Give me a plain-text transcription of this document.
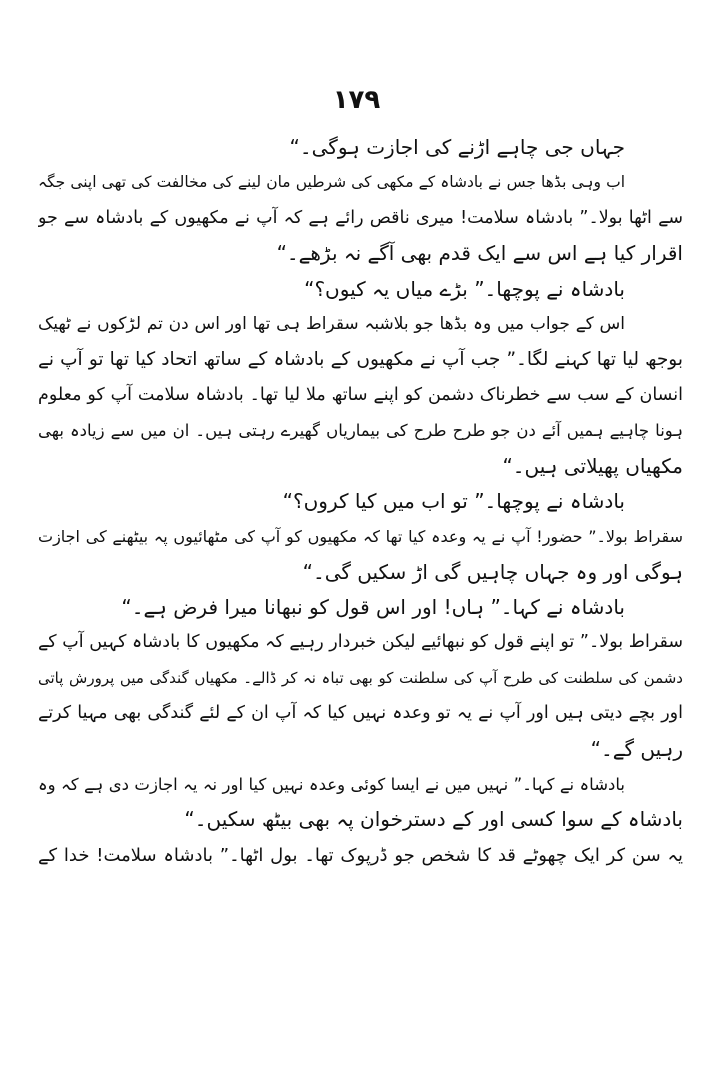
۱۷۹
جہاں جی چاہے اڑنے کی اجازت ہوگی۔“
اب وہی بڈھا جس نے بادشاہ کے مکھی کی شرطیں مان لینے کی مخالفت کی تھی اپنی جگہ
سے اٹھا بولا۔” بادشاہ سلامت! میری ناقص رائے ہے کہ آپ نے مکھیوں کے بادشاہ سے جو
اقرار کیا ہے اس سے ایک قدم بھی آگے نہ بڑھے۔“
بادشاہ نے پوچھا۔” بڑے میاں یہ کیوں؟“
اس کے جواب میں وہ بڈھا جو بلاشبہ سقراط ہی تھا اور اس دن تم لڑکوں نے ٹھیک
بوجھ لیا تھا کہنے لگا۔” جب آپ نے مکھیوں کے بادشاہ کے ساتھ اتحاد کیا تھا تو آپ نے
انسان کے سب سے خطرناک دشمن کو اپنے ساتھ ملا لیا تھا۔ بادشاہ سلامت آپ کو معلوم
ہونا چاہیے ہمیں آئے دن جو طرح طرح کی بیماریاں گھیرے رہتی ہیں۔ ان میں سے زیادہ بھی
مکھیاں پھیلاتی ہیں۔“
بادشاہ نے پوچھا۔” تو اب میں کیا کروں؟“
سقراط بولا۔” حضور! آپ نے یہ وعدہ کیا تھا کہ مکھیوں کو آپ کی مٹھائیوں پہ بیٹھنے کی اجازت
ہوگی اور وہ جہاں چاہیں گی اڑ سکیں گی۔“
بادشاہ نے کہا۔” ہاں! اور اس قول کو نبھانا میرا فرض ہے۔“
سقراط بولا۔” تو اپنے قول کو نبھائیے لیکن خبردار رہیے کہ مکھیوں کا بادشاہ کہیں آپ کے
دشمن کی سلطنت کی طرح آپ کی سلطنت کو بھی تباہ نہ کر ڈالے۔ مکھیاں گندگی میں پرورش پاتی
اور بچے دیتی ہیں اور آپ نے یہ تو وعدہ نہیں کیا کہ آپ ان کے لئے گندگی بھی مہیا کرتے
رہیں گے۔“
بادشاہ نے کہا۔” نہیں میں نے ایسا کوئی وعدہ نہیں کیا اور نہ یہ اجازت دی ہے کہ وہ
بادشاہ کے سوا کسی اور کے دسترخوان پہ بھی بیٹھ سکیں۔“
یہ سن کر ایک چھوٹے قد کا شخص جو ڈرپوک تھا۔ بول اٹھا۔” بادشاہ سلامت! خدا کے
